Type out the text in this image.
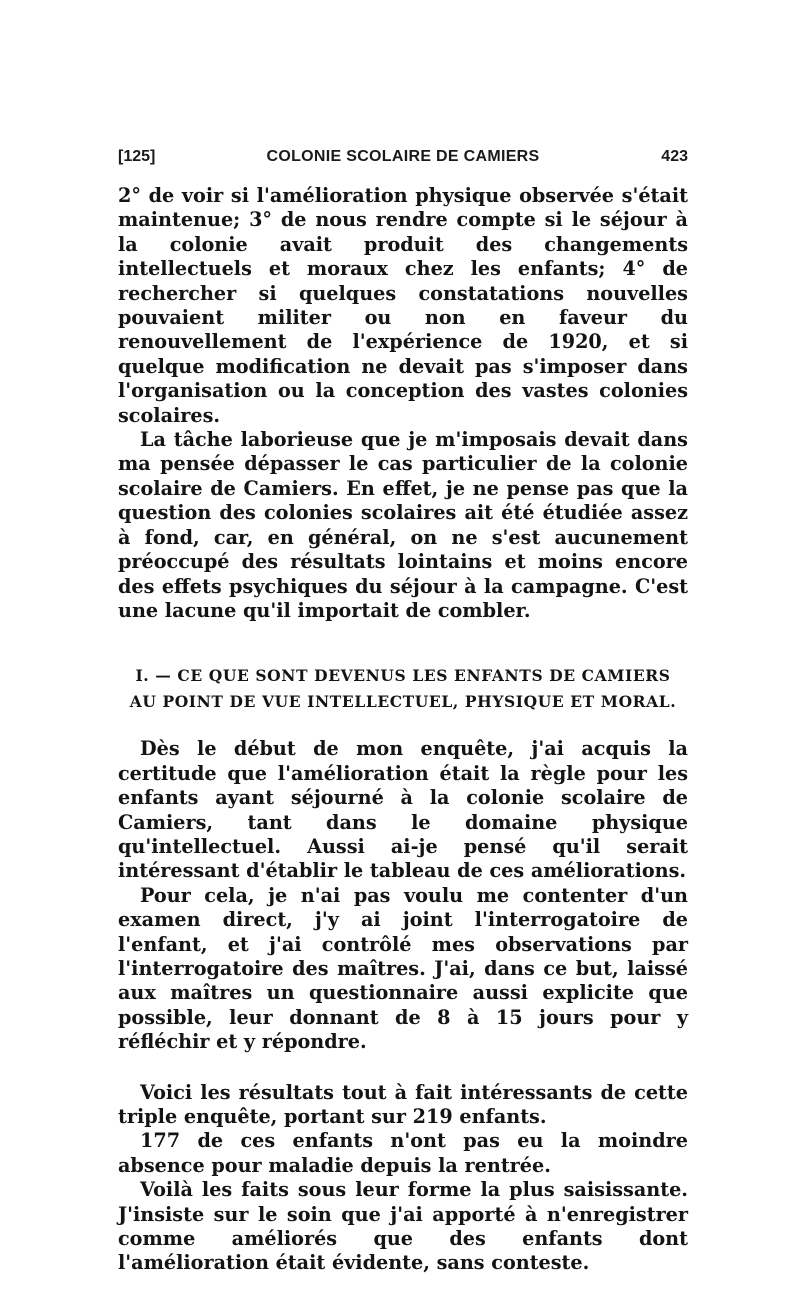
[125]	COLONIE SCOLAIRE DE CAMIERS	423

2° de voir si l'amélioration physique observée s'était maintenue; 3° de nous rendre compte si le séjour à la colonie avait produit des changements intellectuels et moraux chez les enfants; 4° de rechercher si quelques constatations nouvelles pouvaient militer ou non en faveur du renouvellement de l'expérience de 1920, et si quelque modification ne devait pas s'imposer dans l'organisation ou la conception des vastes colonies scolaires.

La tâche laborieuse que je m'imposais devait dans ma pensée dépasser le cas particulier de la colonie scolaire de Camiers. En effet, je ne pense pas que la question des colonies scolaires ait été étudiée assez à fond, car, en général, on ne s'est aucunement préoccupé des résultats lointains et moins encore des effets psychiques du séjour à la campagne. C'est une lacune qu'il importait de combler.

I. — CE QUE SONT DEVENUS LES ENFANTS DE CAMIERS
AU POINT DE VUE INTELLECTUEL, PHYSIQUE ET MORAL.

Dès le début de mon enquête, j'ai acquis la certitude que l'amélioration était la règle pour les enfants ayant séjourné à la colonie scolaire de Camiers, tant dans le domaine physique qu'intellectuel. Aussi ai-je pensé qu'il serait intéressant d'établir le tableau de ces améliorations.

Pour cela, je n'ai pas voulu me contenter d'un examen direct, j'y ai joint l'interrogatoire de l'enfant, et j'ai contrôlé mes observations par l'interrogatoire des maîtres. J'ai, dans ce but, laissé aux maîtres un questionnaire aussi explicite que possible, leur donnant de 8 à 15 jours pour y réfléchir et y répondre.

Voici les résultats tout à fait intéressants de cette triple enquête, portant sur 219 enfants.

177 de ces enfants n'ont pas eu la moindre absence pour maladie depuis la rentrée.

Voilà les faits sous leur forme la plus saisissante. J'insiste sur le soin que j'ai apporté à n'enregistrer comme améliorés que des enfants dont l'amélioration était évidente, sans conteste.
